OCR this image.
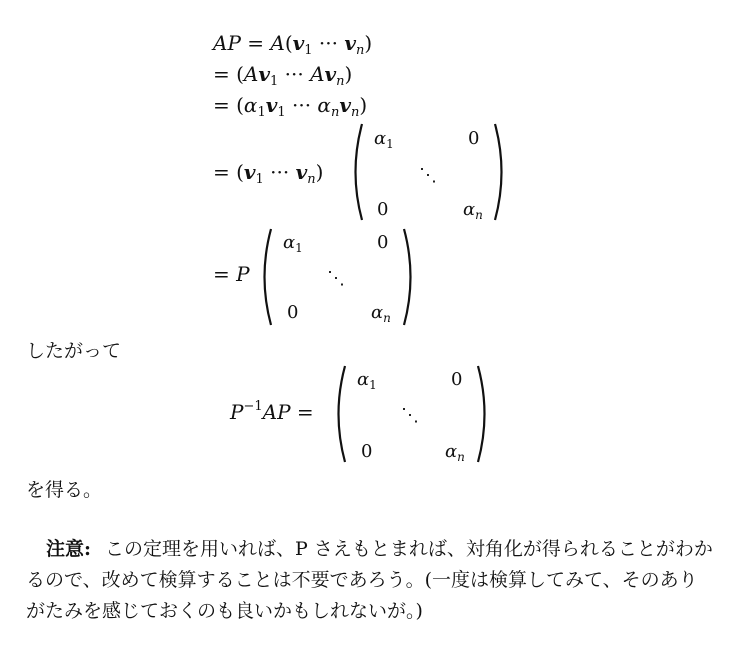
AP = $A(v_1$ ··· $v_n$)
= ($Av_1$ ··· $Av_n$)
= ($\alpha_1v_1$ ··· $\alpha_nv_n$)
= ($v_1$ ··· $v_n$)
$\alpha_1$	0
⋱
0	$\alpha_n$
= P
$\alpha_1$	0
⋱
0	$\alpha_n$
$P^{-1}AP$ =
$\alpha_1$	0
⋱
0	$\alpha_n$
したがって
を得る。
注意: この定理を用いれば、P さえもとまれば、対角化が得られることがわかるので、改めて検算することは不要であろう。(一度は検算してみて、そのありがたみを感じておくのも良いかもしれないが。)
